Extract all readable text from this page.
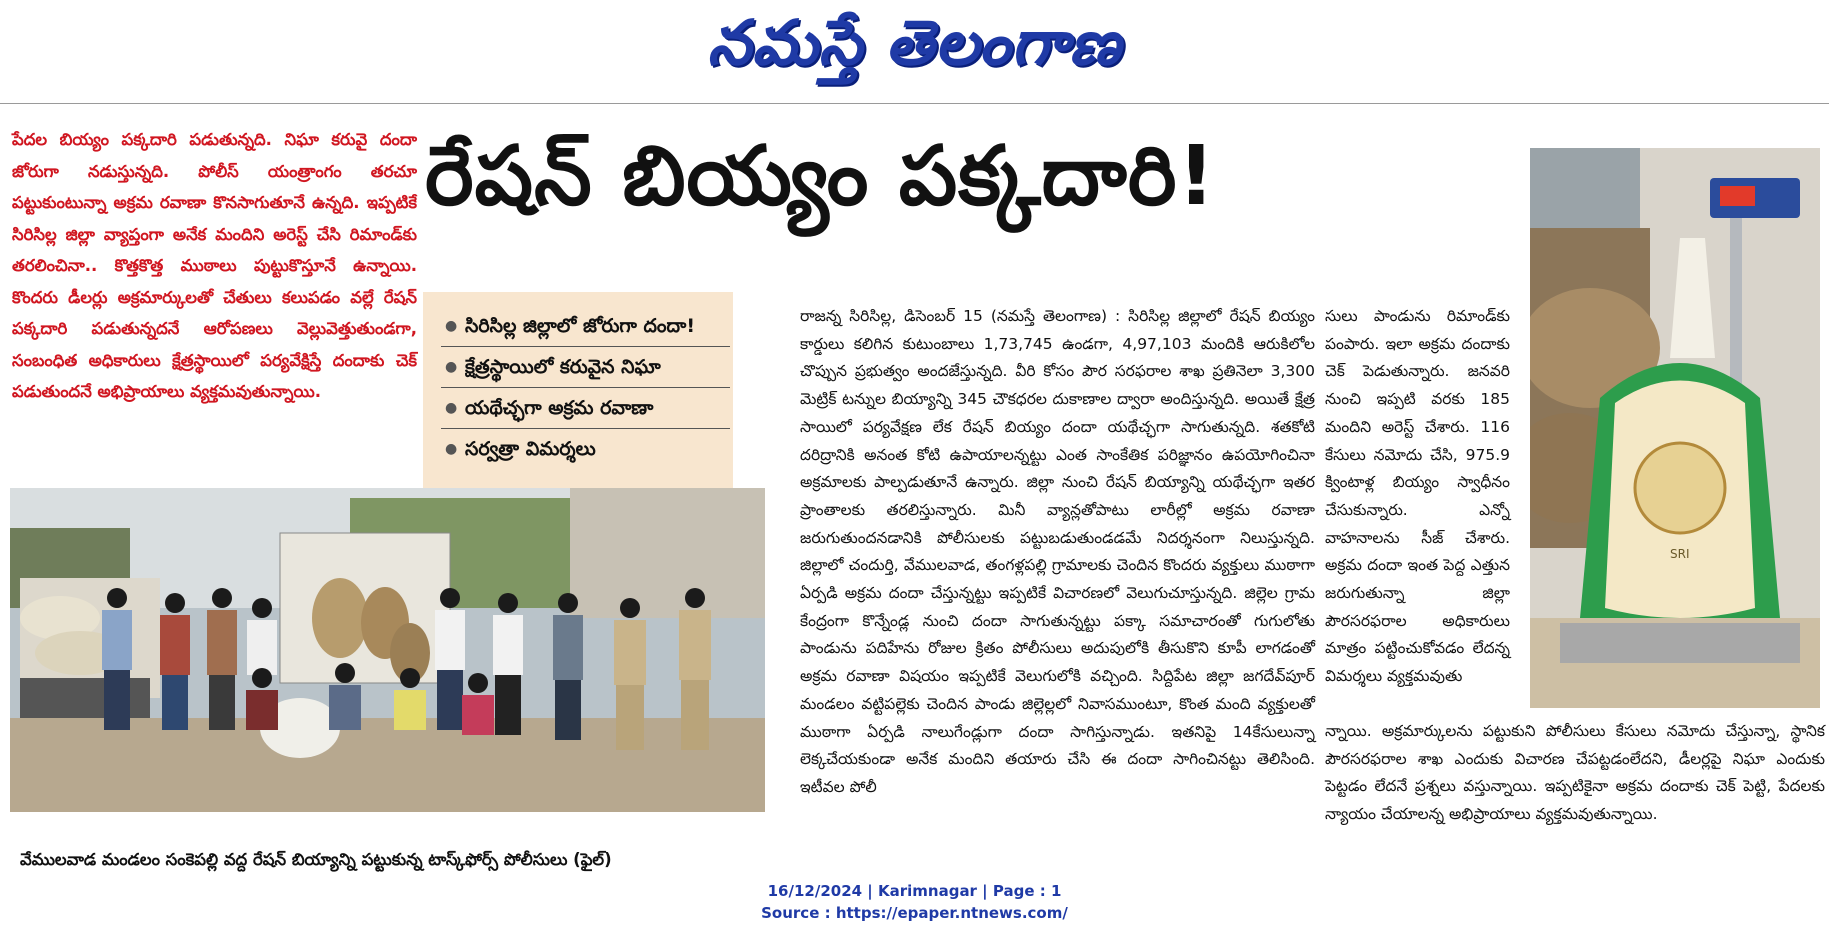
నమస్తే తెలంగాణ

పేదల బియ్యం పక్కదారి పడుతున్నది. నిఘా కరువై దందా జోరుగా నడుస్తున్నది. పోలీస్ యంత్రాంగం తరచూ పట్టుకుంటున్నా అక్రమ రవాణా కొనసాగుతూనే ఉన్నది. ఇప్పటికే సిరిసిల్ల జిల్లా వ్యాప్తంగా అనేక మందిని అరెస్ట్ చేసి రిమాండ్‌కు తరలించినా.. కొత్తకొత్త ముఠాలు పుట్టుకొస్తూనే ఉన్నాయి. కొందరు డీలర్లు అక్రమార్కులతో చేతులు కలుపడం వల్లే రేషన్ పక్కదారి పడుతున్నదనే ఆరోపణలు వెల్లువెత్తుతుండగా, సంబంధిత అధికారులు క్షేత్రస్థాయిలో పర్యవేక్షిస్తే దందాకు చెక్ పడుతుందనే అభిప్రాయాలు వ్యక్తమవుతున్నాయి.

రేషన్ బియ్యం పక్కదారి!
● సిరిసిల్ల జిల్లాలో జోరుగా దందా!
● క్షేత్రస్థాయిలో కరువైన నిఘా
● యథేచ్ఛగా అక్రమ రవాణా
● సర్వత్రా విమర్శలు
వేములవాడ మండలం సంకెపల్లి వద్ద రేషన్ బియ్యాన్ని పట్టుకున్న టాస్క్‌ఫోర్స్ పోలీసులు (ఫైల్)

రాజన్న సిరిసిల్ల, డిసెంబర్ 15 (నమస్తే తెలంగాణ) : సిరిసిల్ల జిల్లాలో రేషన్ బియ్యం కార్డులు కలిగిన కుటుంబాలు 1,73,745 ఉండగా, 4,97,103 మందికి ఆరుకిలోల చొప్పున ప్రభుత్వం అందజేస్తున్నది. వీరి కోసం పౌర సరఫరాల శాఖ ప్రతినెలా 3,300 మెట్రిక్ టన్నుల బియ్యాన్ని 345 చౌకధరల దుకాణాల ద్వారా అందిస్తున్నది. అయితే క్షేత్ర సాయిలో పర్యవేక్షణ లేక రేషన్ బియ్యం దందా యథేచ్ఛగా సాగుతున్నది. శతకోటి దరిద్రానికి అనంత కోటి ఉపాయాలన్నట్టు ఎంత సాంకేతిక పరిజ్ఞానం ఉపయోగించినా అక్రమాలకు పాల్పడుతూనే ఉన్నారు. జిల్లా నుంచి రేషన్ బియ్యాన్ని యథేచ్ఛగా ఇతర ప్రాంతాలకు తరలిస్తున్నారు. మినీ వ్యాన్లతోపాటు లారీల్లో అక్రమ రవాణా జరుగుతుందనడానికి పోలీసులకు పట్టుబడుతుండడమే నిదర్శనంగా నిలుస్తున్నది. జిల్లాలో చందుర్తి, వేములవాడ, తంగళ్లపల్లి గ్రామాలకు చెందిన కొందరు వ్యక్తులు ముఠాగా ఏర్పడి అక్రమ దందా చేస్తున్నట్టు ఇప్పటికే విచారణలో వెలుగుచూస్తున్నది. జిల్లెల గ్రామ కేంద్రంగా కొన్నేండ్ల నుంచి దందా సాగుతున్నట్టు పక్కా సమాచారంతో గుగులోతు పాండును పదిహేను రోజుల క్రితం పోలీసులు అదుపులోకి తీసుకొని కూపీ లాగడంతో అక్రమ రవాణా విషయం ఇప్పటికే వెలుగులోకి వచ్చింది. సిద్దిపేట జిల్లా జగదేవ్‌పూర్ మండలం వట్టిపల్లెకు చెందిన పాండు జిల్లెల్లలో నివాసముంటూ, కొంత మంది వ్యక్తులతో ముఠాగా ఏర్పడి నాలుగేండ్లుగా దందా సాగిస్తున్నాడు. ఇతనిపై 14కేసులున్నా లెక్కచేయకుండా అనేక మందిని తయారు చేసి ఈ దందా సాగించినట్టు తెలిసింది. ఇటీవల పోలీ

సులు పాండును రిమాండ్‌కు పంపారు. ఇలా అక్రమ దందాకు చెక్ పెడుతున్నారు. జనవరి నుంచి ఇప్పటి వరకు 185 మందిని అరెస్ట్ చేశారు. 116 కేసులు నమోదు చేసి, 975.9 క్వింటాళ్ల బియ్యం స్వాధీనం చేసుకున్నారు. ఎన్నో వాహనాలను సీజ్ చేశారు. అక్రమ దందా ఇంత పెద్ద ఎత్తున జరుగుతున్నా జిల్లా పౌరసరఫరాల అధికారులు మాత్రం పట్టించుకోవడం లేదన్న విమర్శలు వ్యక్తమవుతు

న్నాయి. అక్రమార్కులను పట్టుకుని పోలీసులు కేసులు నమోదు చేస్తున్నా, స్థానిక పౌరసరఫరాల శాఖ ఎందుకు విచారణ చేపట్టడంలేదని, డీలర్లపై నిఘా ఎందుకు పెట్టడం లేదనే ప్రశ్నలు వస్తున్నాయి. ఇప్పటికైనా అక్రమ దందాకు చెక్ పెట్టి, పేదలకు న్యాయం చేయాలన్న అభిప్రాయాలు వ్యక్తమవుతున్నాయి.

SRI
16/12/2024 | Karimnagar | Page : 1
Source : https://epaper.ntnews.com/
